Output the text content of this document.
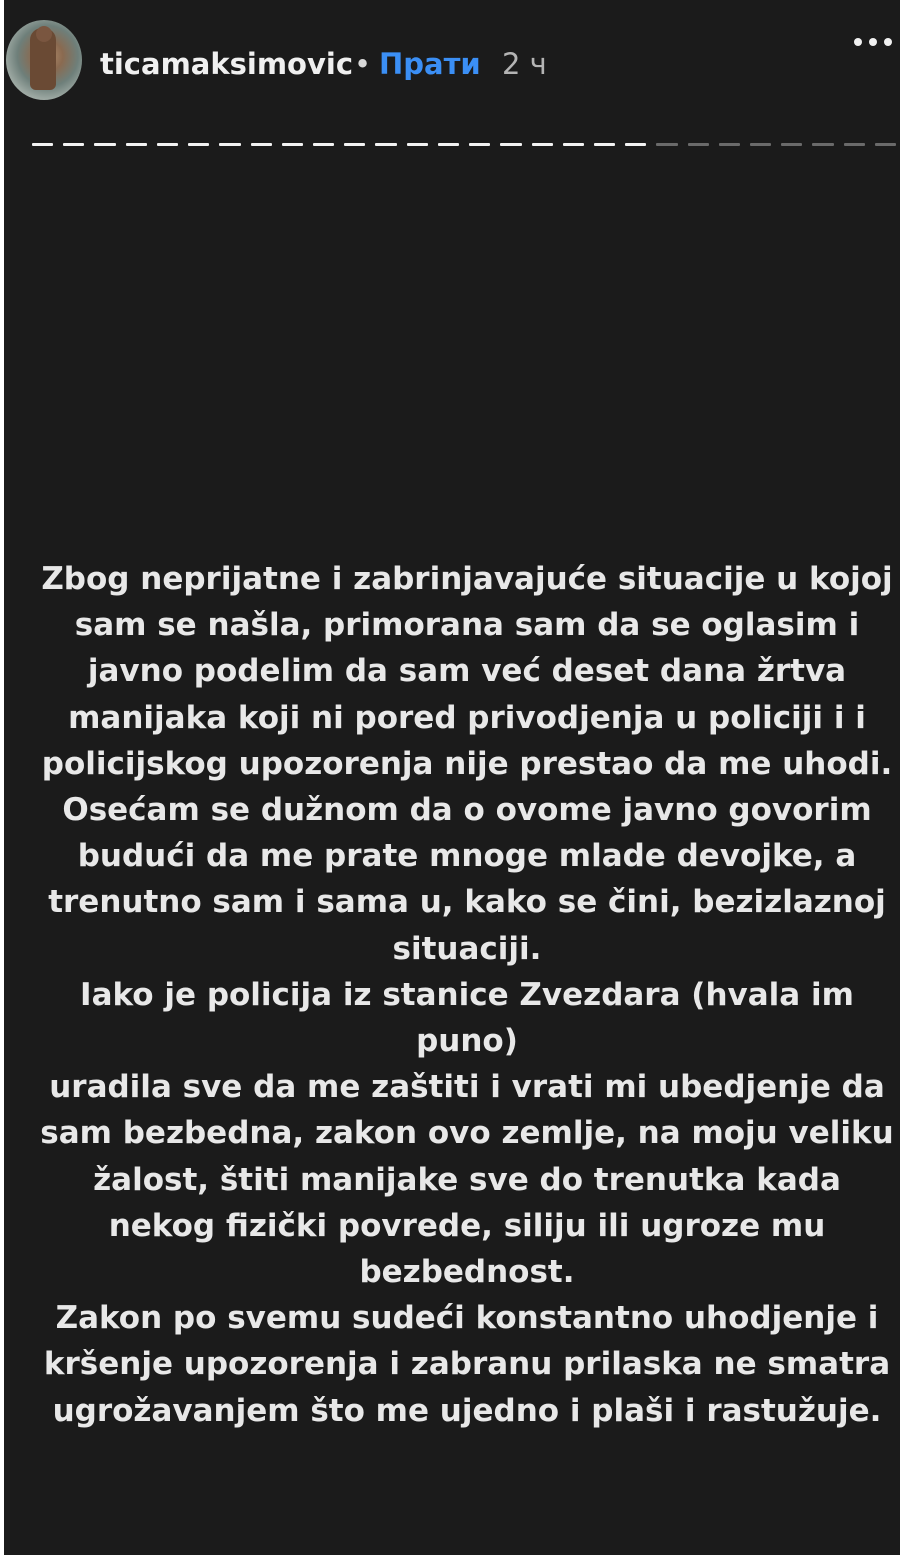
ticamaksimovic • Прати 2 ч
Zbog neprijatne i zabrinjavajuće situacije u kojoj
sam se našla, primorana sam da se oglasim i
javno podelim da sam već deset dana žrtva
manijaka koji ni pored privodjenja u policiji i i
policijskog upozorenja nije prestao da me uhodi.
Osećam se dužnom da o ovome javno govorim
budući da me prate mnoge mlade devojke, a
trenutno sam i sama u, kako se čini, bezizlaznoj
situaciji.
Iako je policija iz stanice Zvezdara (hvala im
puno)
uradila sve da me zaštiti i vrati mi ubedjenje da
sam bezbedna, zakon ovo zemlje, na moju veliku
žalost, štiti manijake sve do trenutka kada
nekog fizički povrede, siliju ili ugroze mu
bezbednost.
Zakon po svemu sudeći konstantno uhodjenje i
kršenje upozorenja i zabranu prilaska ne smatra
ugrožavanjem što me ujedno i plaši i rastužuje.
